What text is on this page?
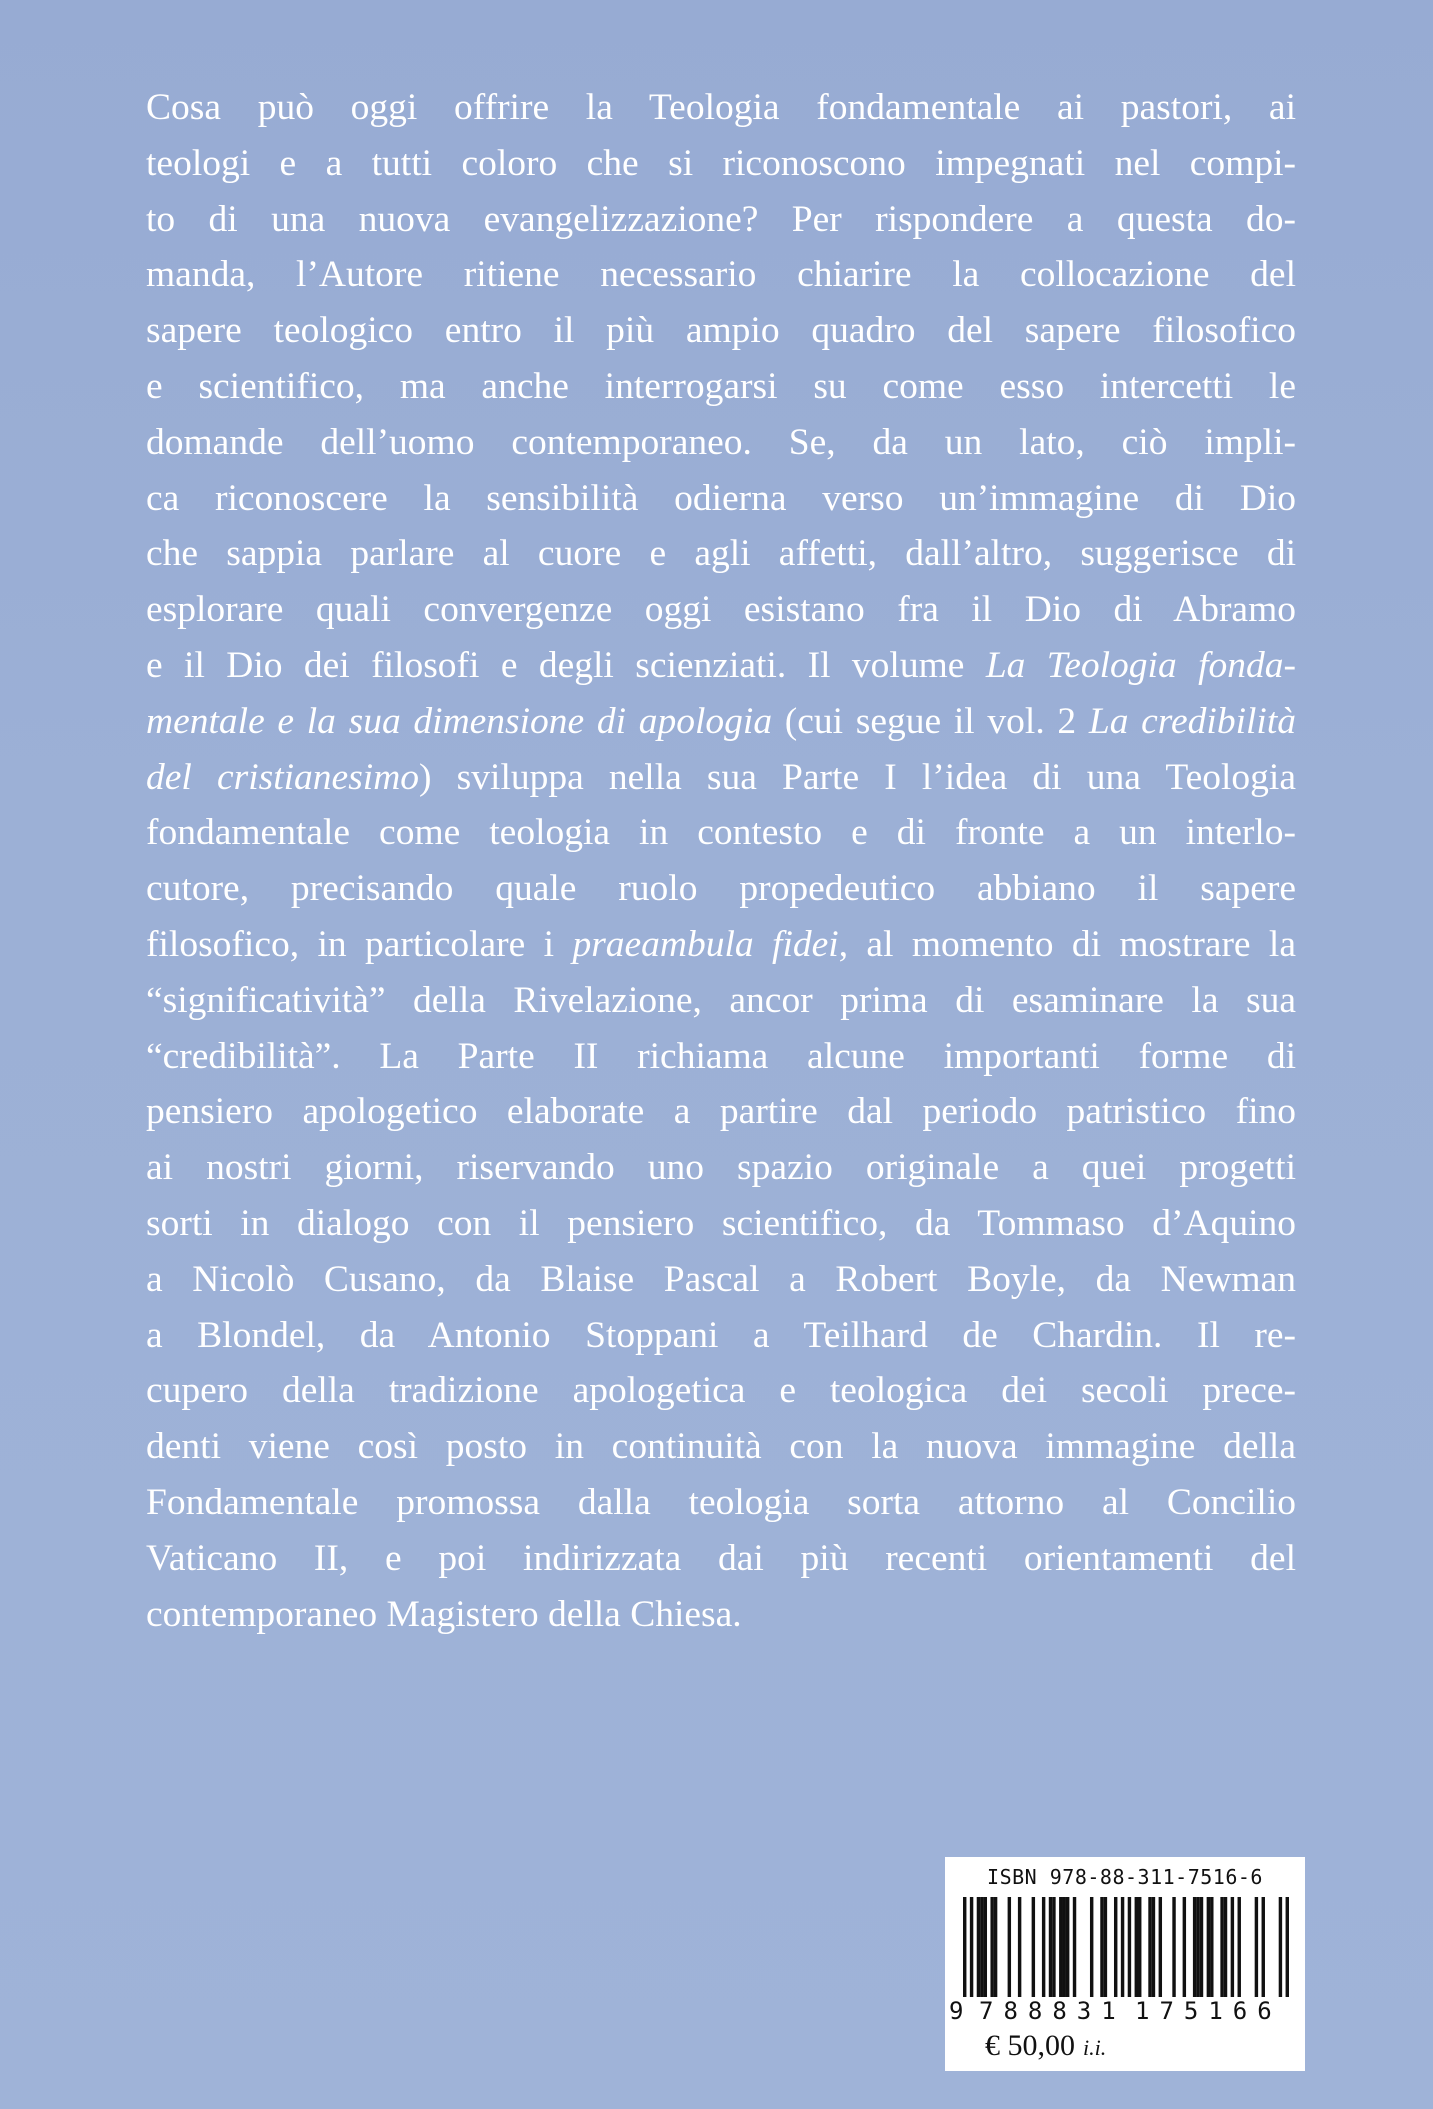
Cosa può oggi offrire la Teologia fondamentale ai pastori, ai
teologi e a tutti coloro che si riconoscono impegnati nel compi-
to di una nuova evangelizzazione? Per rispondere a questa do-
manda, l’Autore ritiene necessario chiarire la collocazione del
sapere teologico entro il più ampio quadro del sapere filosofico
e scientifico, ma anche interrogarsi su come esso intercetti le
domande dell’uomo contemporaneo. Se, da un lato, ciò impli-
ca riconoscere la sensibilità odierna verso un’immagine di Dio
che sappia parlare al cuore e agli affetti, dall’altro, suggerisce di
esplorare quali convergenze oggi esistano fra il Dio di Abramo
e il Dio dei filosofi e degli scienziati. Il volume La Teologia fonda-
mentale e la sua dimensione di apologia (cui segue il vol. 2 La credibilità
del cristianesimo) sviluppa nella sua Parte I l’idea di una Teologia
fondamentale come teologia in contesto e di fronte a un interlo-
cutore, precisando quale ruolo propedeutico abbiano il sapere
filosofico, in particolare i praeambula fidei, al momento di mostrare la
“significatività” della Rivelazione, ancor prima di esaminare la sua
“credibilità”. La Parte II richiama alcune importanti forme di
pensiero apologetico elaborate a partire dal periodo patristico fino
ai nostri giorni, riservando uno spazio originale a quei progetti
sorti in dialogo con il pensiero scientifico, da Tommaso d’Aquino
a Nicolò Cusano, da Blaise Pascal a Robert Boyle, da Newman
a Blondel, da Antonio Stoppani a Teilhard de Chardin. Il re-
cupero della tradizione apologetica e teologica dei secoli prece-
denti viene così posto in continuità con la nuova immagine della
Fondamentale promossa dalla teologia sorta attorno al Concilio
Vaticano II, e poi indirizzata dai più recenti orientamenti del
contemporaneo Magistero della Chiesa.
ISBN 978-88-311-7516-6
9 788831 175166
€ 50,00 i.i.
